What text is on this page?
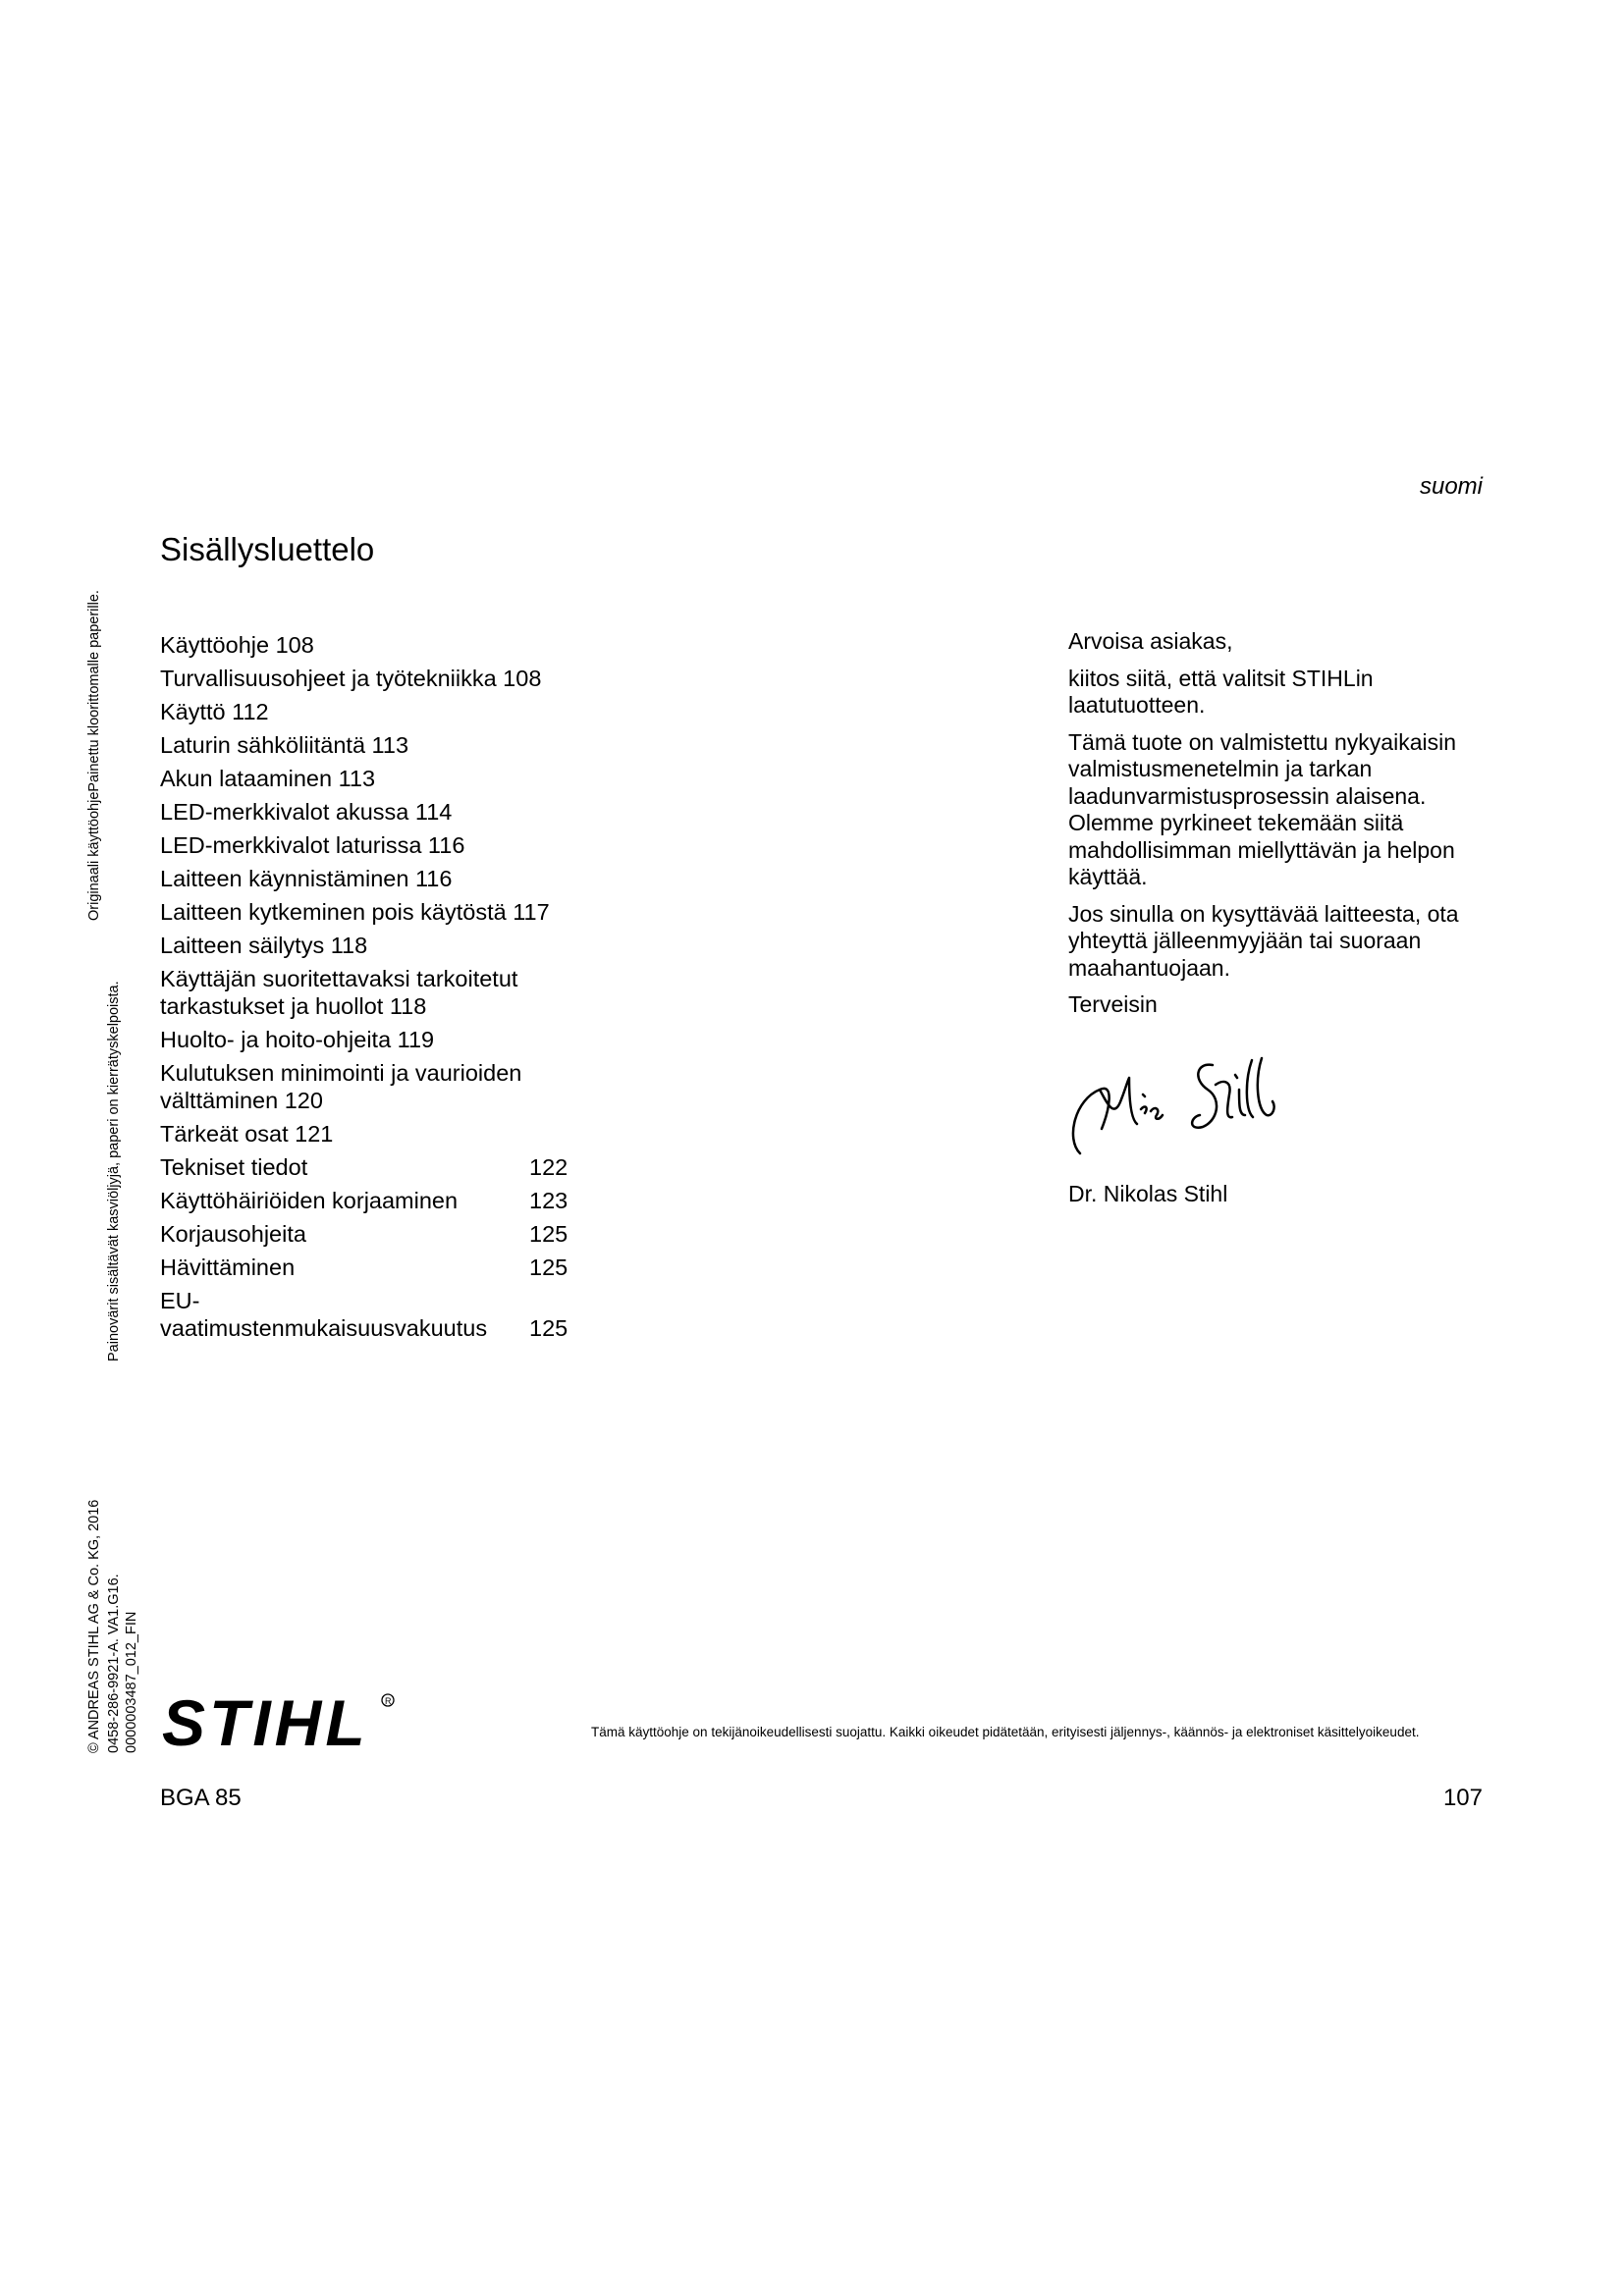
suomi
Sisällysluettelo
Käyttöohje 108
Turvallisuusohjeet ja työtekniikka 108
Käyttö 112
Laturin sähköliitäntä 113
Akun lataaminen 113
LED-merkkivalot akussa 114
LED-merkkivalot laturissa 116
Laitteen käynnistäminen 116
Laitteen kytkeminen pois käytöstä 117
Laitteen säilytys 118
Käyttäjän suoritettavaksi tarkoitetut
tarkastukset ja huollot 118
Huolto- ja hoito-ohjeita 119
Kulutuksen minimointi ja vaurioiden
välttäminen 120
Tärkeät osat 121
Tekniset tiedot	122
Käyttöhäiriöiden korjaaminen	123
Korjausohjeita	125
Hävittäminen	125
EU-
vaatimustenmukaisuusvakuutus	125

Arvoisa asiakas,

kiitos siitä, että valitsit STIHLin laatutuotteen.

Tämä tuote on valmistettu nykyaikaisin valmistusmenetelmin ja tarkan laadunvarmistusprosessin alaisena. Olemme pyrkineet tekemään siitä mahdollisimman miellyttävän ja helpon käyttää.

Jos sinulla on kysyttävää laitteesta, ota yhteyttä jälleenmyyjään tai suoraan maahantuojaan.

Terveisin

Dr. Nikolas Stihl
Painovärit sisältävät kasviöljyjä, paperi on kierrätyskelpoista.
Originaali käyttöohjePainettu kloorittomalle paperille.
© ANDREAS STIHL AG & Co. KG, 2016 0458-286-9921-A. VA1.G16. 0000003487_012_FIN STIHL R
Tämä käyttöohje on tekijänoikeudellisesti suojattu. Kaikki oikeudet pidätetään, erityisesti jäljennys-, käännös- ja elektroniset käsittelyoikeudet.
BGA 85	107
